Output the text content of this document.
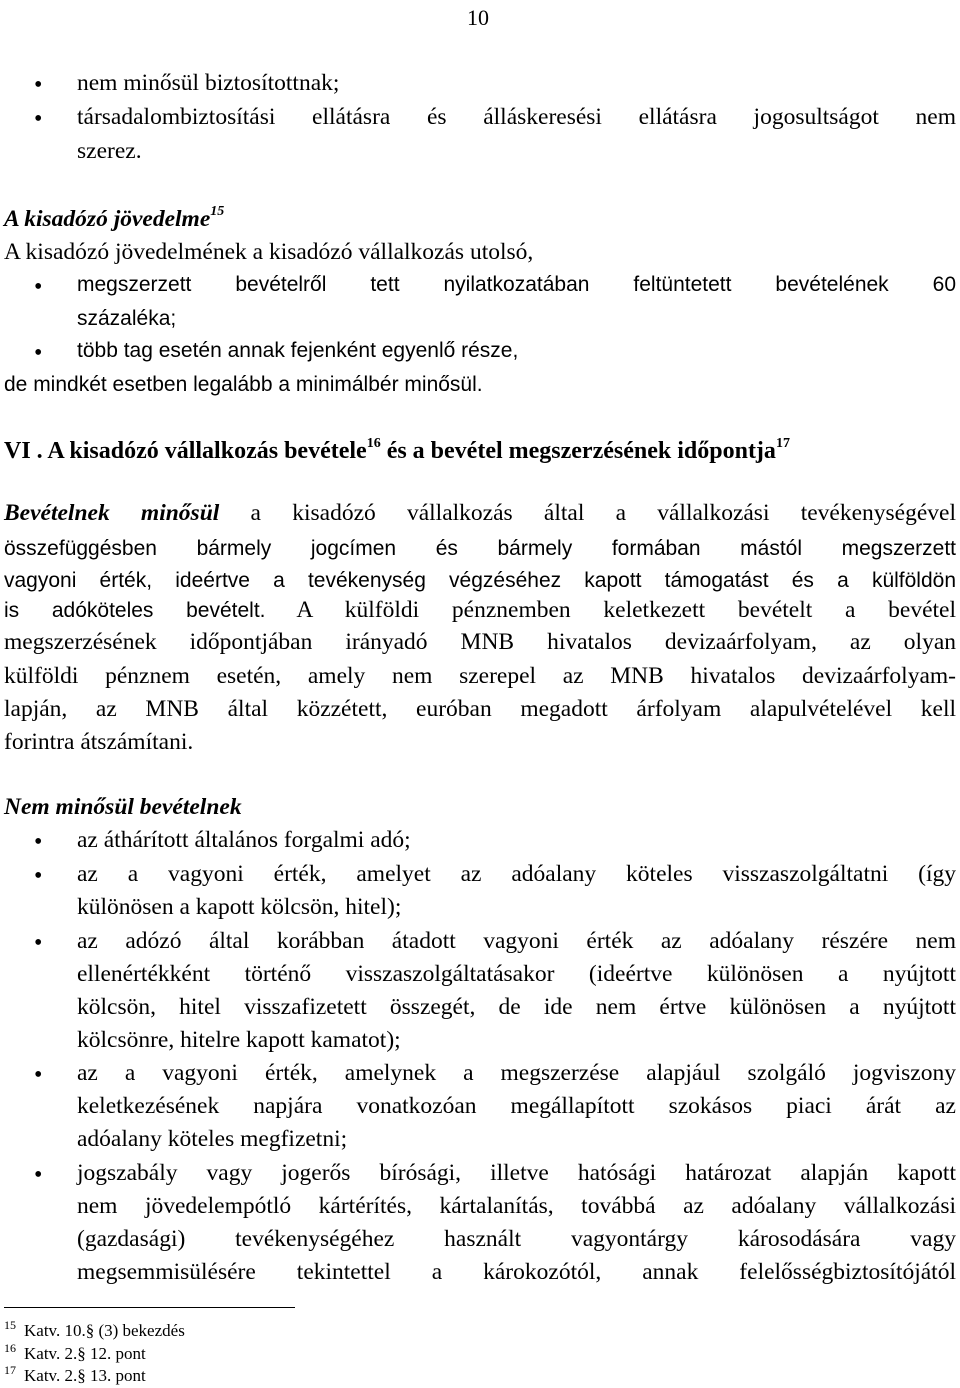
10
• nem minősül biztosítottnak;
• társadalombiztosítási ellátásra és álláskeresési ellátásra jogosultságot nem
szerez.
A kisadózó jövedelme$^{15}$
A kisadózó jövedelmének a kisadózó vállalkozás utolsó,
• megszerzett bevételről tett nyilatkozatában feltüntetett bevételének 60
százaléka;
• több tag esetén annak fejenként egyenlő része,
de mindkét esetben legalább a minimálbér minősül.
VI . A kisadózó vállalkozás bevétele$^{16}$ és a bevétel megszerzésének időpontja$^{17}$
Bevételnek minősül a kisadózó vállalkozás által a vállalkozási tevékenységével
összefüggésben bármely jogcímen és bármely formában mástól megszerzett
vagyoni érték, ideértve a tevékenység végzéséhez kapott támogatást és a külföldön
is adóköteles bevételt. A külföldi pénznemben keletkezett bevételt a bevétel
megszerzésének időpontjában irányadó MNB hivatalos devizaárfolyam, az olyan
külföldi pénznem esetén, amely nem szerepel az MNB hivatalos devizaárfolyam-
lapján, az MNB által közzétett, euróban megadott árfolyam alapulvételével kell
forintra átszámítani.
Nem minősül bevételnek
• az áthárított általános forgalmi adó;
• az a vagyoni érték, amelyet az adóalany köteles visszaszolgáltatni (így
különösen a kapott kölcsön, hitel);
• az adózó által korábban átadott vagyoni érték az adóalany részére nem
ellenértékként történő visszaszolgáltatásakor (ideértve különösen a nyújtott
kölcsön, hitel visszafizetett összegét, de ide nem értve különösen a nyújtott
kölcsönre, hitelre kapott kamatot);
• az a vagyoni érték, amelynek a megszerzése alapjául szolgáló jogviszony
keletkezésének napjára vonatkozóan megállapított szokásos piaci árát az
adóalany köteles megfizetni;
• jogszabály vagy jogerős bírósági, illetve hatósági határozat alapján kapott
nem jövedelempótló kártérítés, kártalanítás, továbbá az adóalany vállalkozási
(gazdasági) tevékenységéhez használt vagyontárgy károsodására vagy
megsemmisülésére tekintettel a károkozótól, annak felelősségbiztosítójától
$^{15}$ Katv. 10.§ (3) bekezdés
$^{16}$ Katv. 2.§ 12. pont
$^{17}$ Katv. 2.§ 13. pont
